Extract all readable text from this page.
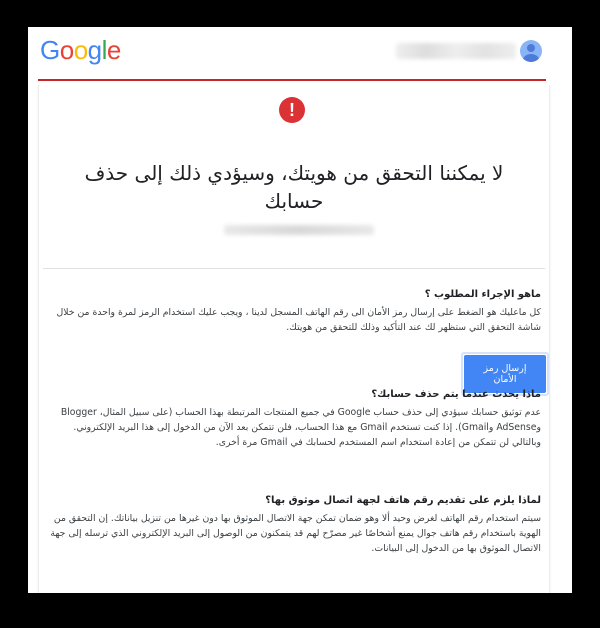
Google
!
لا يمكننا التحقق من هويتك، وسيؤدي ذلك إلى حذف حسابك

ماهو الإجراء المطلوب ؟

كل ماعليك هو الضغط على إرسال رمز الأمان الى رقم الهاتف المسجل لدينا ، ويجب عليك استخدام الرمز لمرة واحدة من خلال شاشة التحقق التي ستظهر لك عند التأكيد وذلك للتحقق من هويتك.

إرسال رمز الأمان

ماذا يحدث عندما يتم حذف حسابك؟

عدم توثيق حسابك سيؤدي إلى حذف حساب Google في جميع المنتجات المرتبطة بهذا الحساب (على سبيل المثال، Blogger وAdSense وGmail). إذا كنت تستخدم Gmail مع هذا الحساب، فلن تتمكن بعد الآن من الدخول إلى هذا البريد الإلكتروني. وبالتالي لن تتمكن من إعادة استخدام اسم المستخدم لحسابك في Gmail مرة أخرى.

لماذا يلزم على تقديم رقم هاتف لجهة اتصال موثوق بها؟

سيتم استخدام رقم الهاتف لغرض وحيد ألا وهو ضمان تمكن جهة الاتصال الموثوق بها دون غيرها من تنزيل بياناتك. إن التحقق من الهوية باستخدام رقم هاتف جوال يمنع أشخاصًا غير مصرّح لهم قد يتمكنون من الوصول إلى البريد الإلكتروني الذي ترسله إلى جهة الاتصال الموثوق بها من الدخول إلى البيانات.
